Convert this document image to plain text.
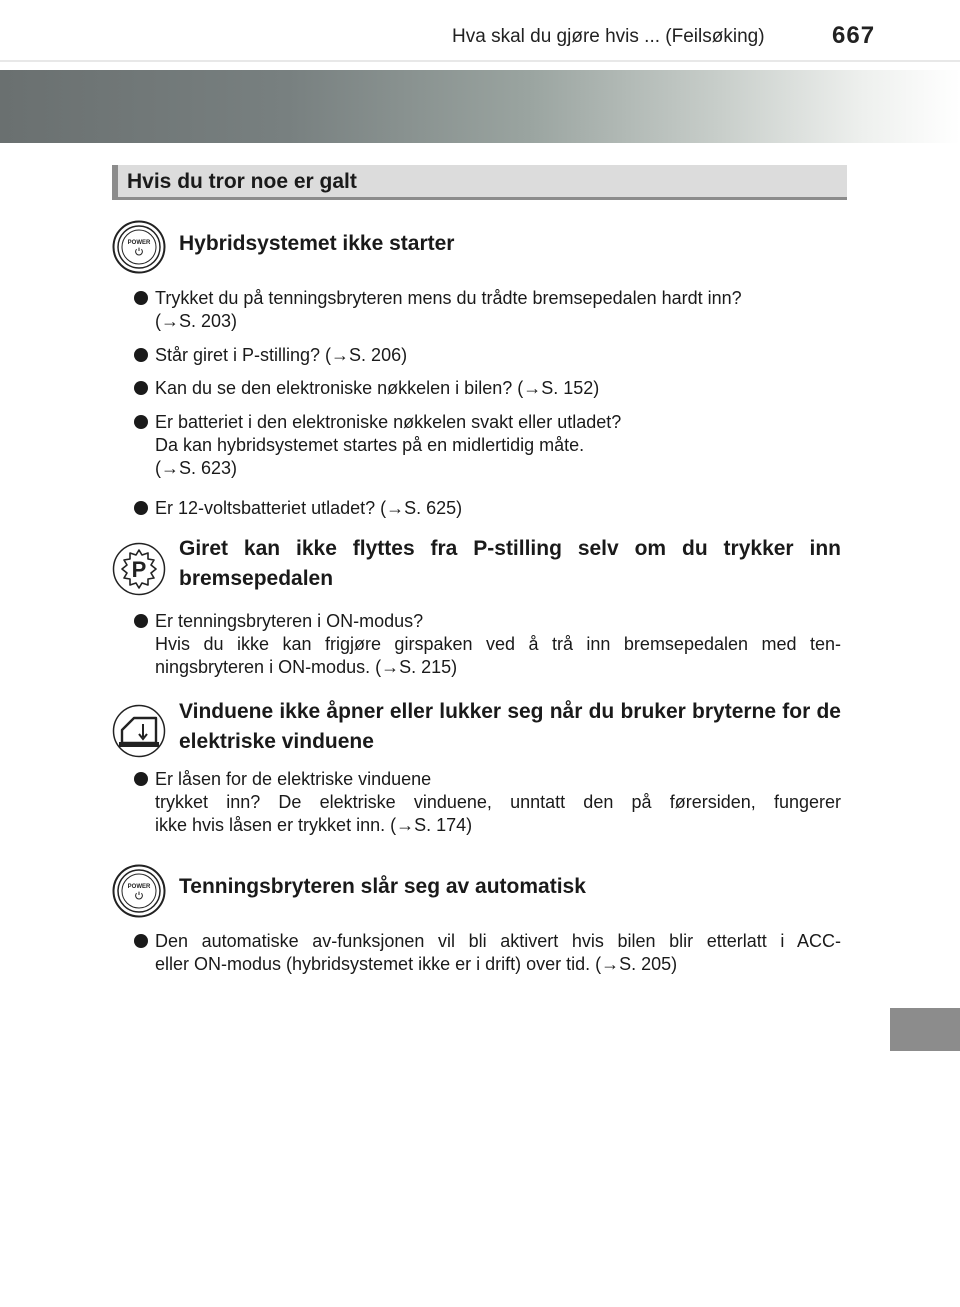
Hva skal du gjøre hvis ... (Feilsøking)	667
Hvis du tror noe er galt
POWER Hybridsystemet ikke starter
Trykket du på tenningsbryteren mens du trådte bremsepedalen hardt inn?
(→S. 203)
Står giret i P-stilling? (→S. 206)
Kan du se den elektroniske nøkkelen i bilen? (→S. 152)
Er batteriet i den elektroniske nøkkelen svakt eller utladet?
Da kan hybridsystemet startes på en midlertidig måte.
(→S. 623)
Er 12-voltsbatteriet utladet? (→S. 625)
P
Giret kan ikke flyttes fra P-stilling selv om du trykker inn bremsepedalen
Er tenningsbryteren i ON-modus?
Hvis du ikke kan frigjøre girspaken ved å trå inn bremsepedalen med ten-
ningsbryteren i ON-modus. (→S. 215)
Vinduene ikke åpner eller lukker seg når du bruker bryterne for de elektriske vinduene
Er låsen for de elektriske vinduene
trykket inn? De elektriske vinduene, unntatt den på førersiden, fungerer
ikke hvis låsen er trykket inn. (→S. 174)
POWER Tenningsbryteren slår seg av automatisk
Den automatiske av-funksjonen vil bli aktivert hvis bilen blir etterlatt i ACC-
eller ON-modus (hybridsystemet ikke er i drift) over tid. (→S. 205)
